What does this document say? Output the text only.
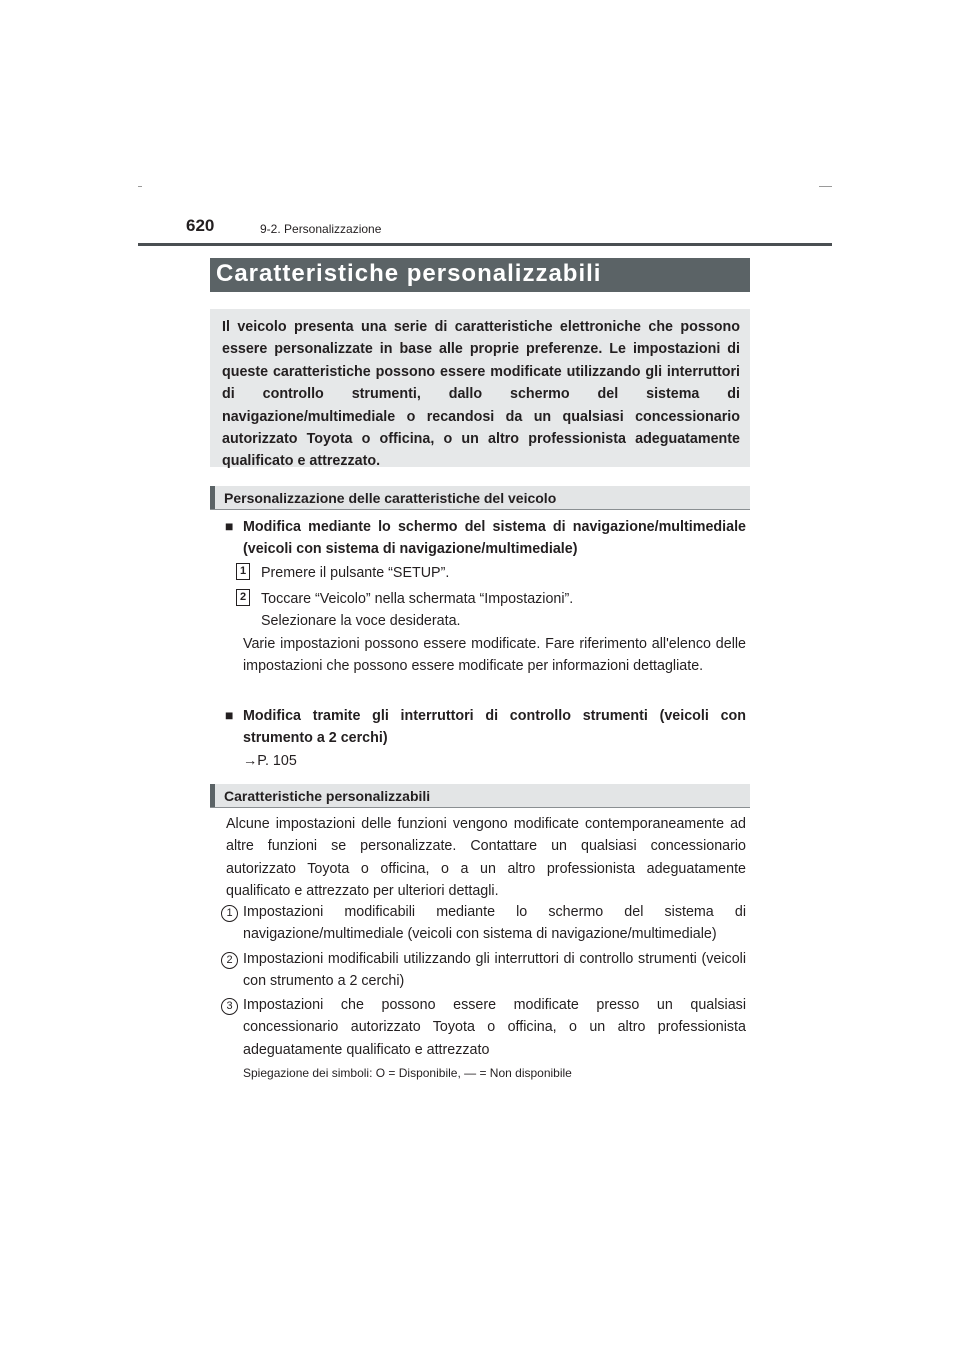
620	9-2. Personalizzazione
Caratteristiche personalizzabili
Il veicolo presenta una serie di caratteristiche elettroniche che possono essere personalizzate in base alle proprie preferenze. Le impostazioni di queste caratteristiche possono essere modificate utilizzando gli interruttori di controllo strumenti, dallo schermo del sistema di navigazione/multimediale o recandosi da un qualsiasi concessionario autorizzato Toyota o officina, o un altro professionista adeguatamente qualificato e attrezzato.
Personalizzazione delle caratteristiche del veicolo
■ Modifica mediante lo schermo del sistema di navigazione/multimediale (veicoli con sistema di navigazione/multimediale)
1 Premere il pulsante “SETUP”.
2 Toccare “Veicolo” nella schermata “Impostazioni”.
Selezionare la voce desiderata.
Varie impostazioni possono essere modificate. Fare riferimento all'elenco delle impostazioni che possono essere modificate per informazioni dettagliate.
■ Modifica tramite gli interruttori di controllo strumenti (veicoli con strumento a 2 cerchi)
→P. 105
Caratteristiche personalizzabili
Alcune impostazioni delle funzioni vengono modificate contemporaneamente ad altre funzioni se personalizzate. Contattare un qualsiasi concessionario autorizzato Toyota o officina, o a un altro professionista adeguatamente qualificato e attrezzato per ulteriori dettagli.
1 Impostazioni modificabili mediante lo schermo del sistema di navigazione/multimediale (veicoli con sistema di navigazione/multimediale)
2 Impostazioni modificabili utilizzando gli interruttori di controllo strumenti (veicoli con strumento a 2 cerchi)
3 Impostazioni che possono essere modificate presso un qualsiasi concessionario autorizzato Toyota o officina, o un altro professionista adeguatamente qualificato e attrezzato
Spiegazione dei simboli: O = Disponibile, — = Non disponibile
